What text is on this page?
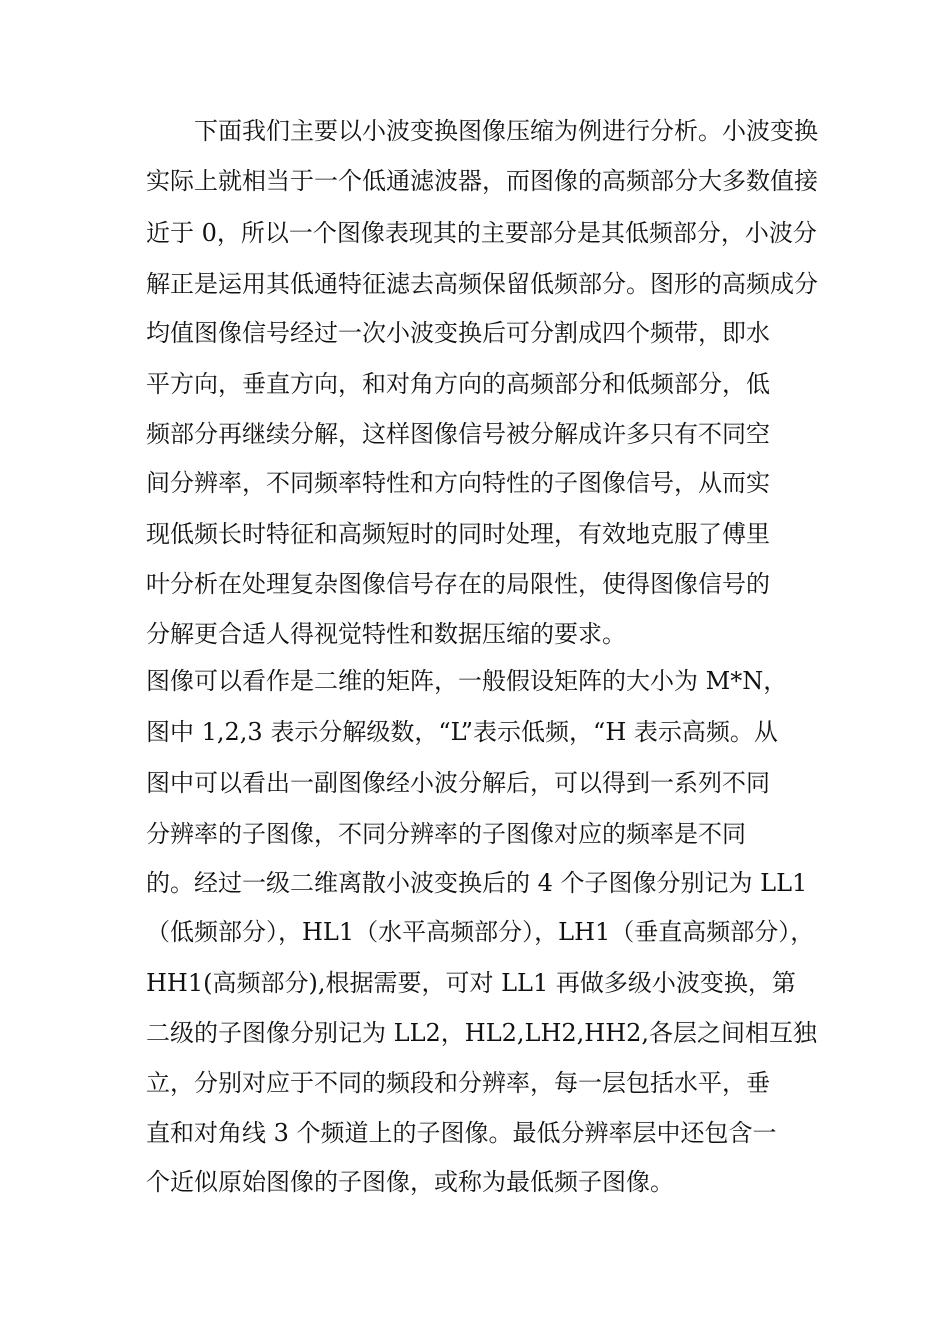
下面我们主要以小波变换图像压缩为例进行分析。小波变换
实际上就相当于一个低通滤波器，而图像的高频部分大多数值接
近于 0，所以一个图像表现其的主要部分是其低频部分，小波分
解正是运用其低通特征滤去高频保留低频部分。图形的高频成分
均值图像信号经过一次小波变换后可分割成四个频带，即水
平方向，垂直方向，和对角方向的高频部分和低频部分，低
频部分再继续分解，这样图像信号被分解成许多只有不同空
间分辨率，不同频率特性和方向特性的子图像信号，从而实
现低频长时特征和高频短时的同时处理，有效地克服了傅里
叶分析在处理复杂图像信号存在的局限性，使得图像信号的
分解更合适人得视觉特性和数据压缩的要求。
图像可以看作是二维的矩阵，一般假设矩阵的大小为 M*N，
图中 1,2,3 表示分解级数，“L”表示低频，“H 表示高频。从
图中可以看出一副图像经小波分解后，可以得到一系列不同
分辨率的子图像，不同分辨率的子图像对应的频率是不同
的。经过一级二维离散小波变换后的 4 个子图像分别记为 LL1
（低频部分），HL1（水平高频部分），LH1（垂直高频部分），
HH1(高频部分),根据需要，可对 LL1 再做多级小波变换，第
二级的子图像分别记为 LL2，HL2,LH2,HH2,各层之间相互独
立，分别对应于不同的频段和分辨率，每一层包括水平，垂
直和对角线 3 个频道上的子图像。最低分辨率层中还包含一
个近似原始图像的子图像，或称为最低频子图像。
